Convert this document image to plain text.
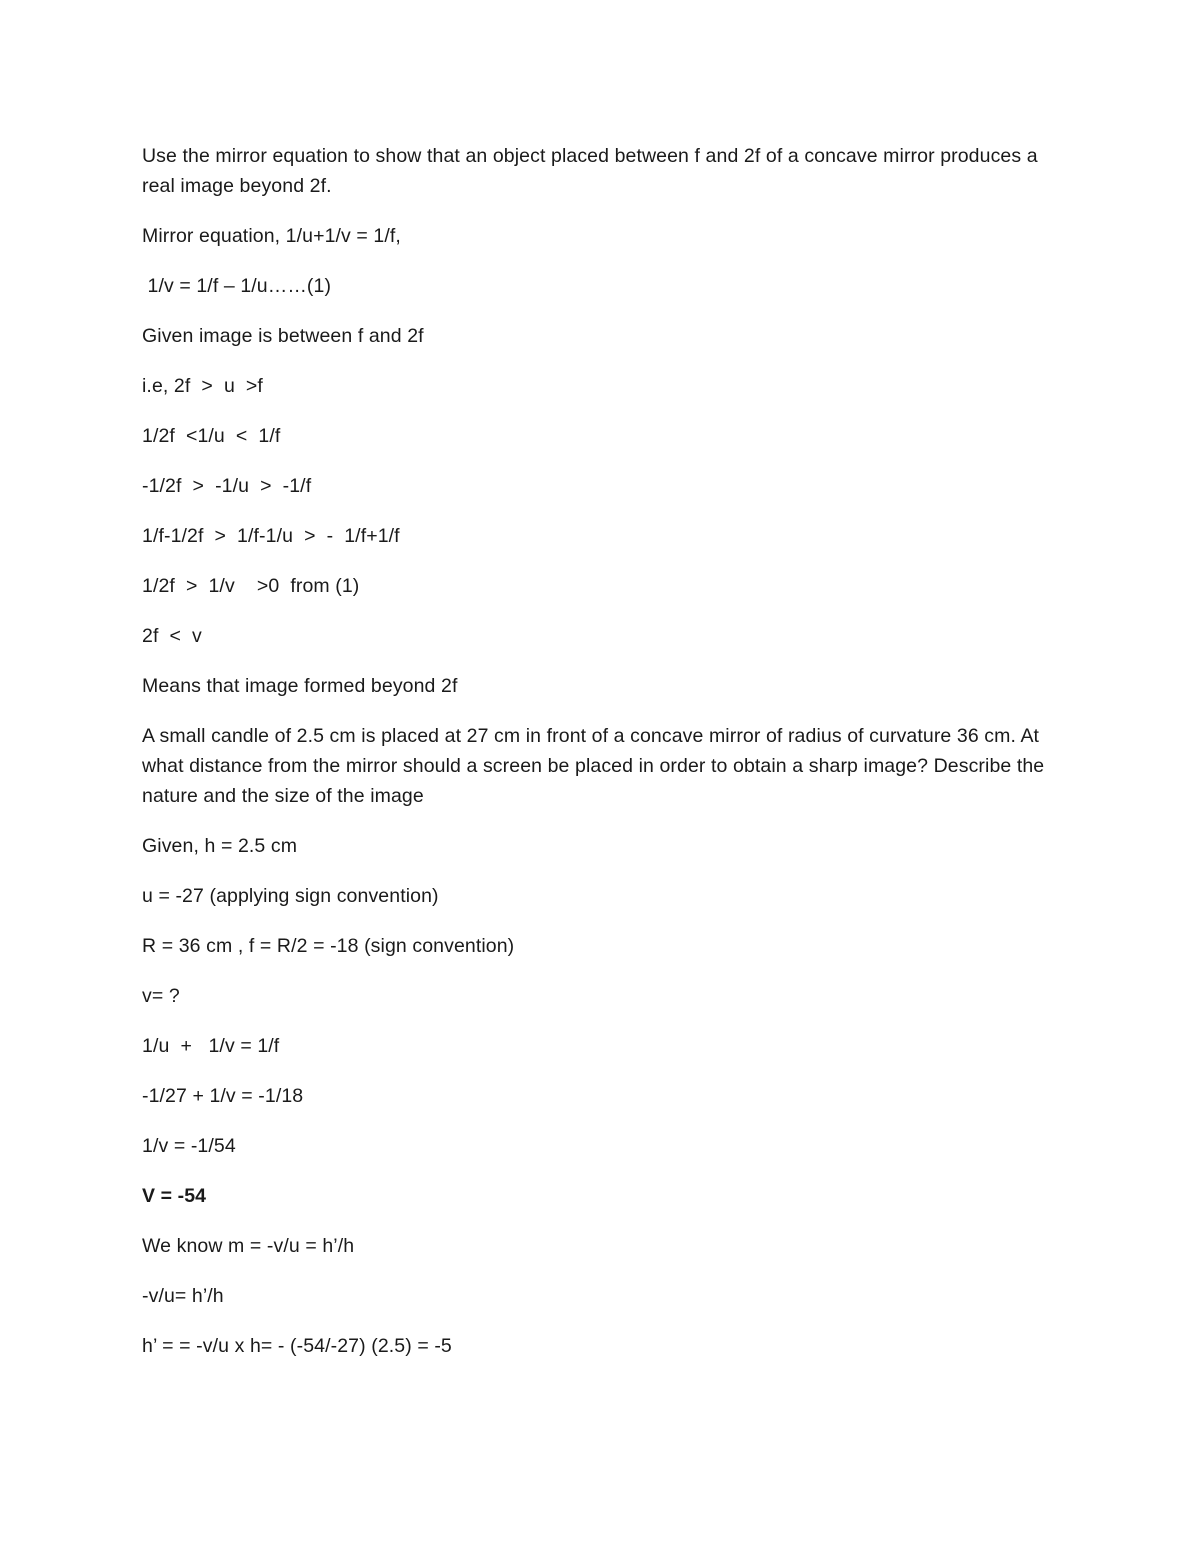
Use the mirror equation to show that an object placed between f and 2f of a concave mirror produces a real image beyond 2f.

Mirror equation, 1/u+1/v = 1/f,

1/v = 1/f – 1/u……(1)

Given image is between f and 2f

i.e, 2f  >  u  >f

1/2f  <1/u  <  1/f

-1/2f  >  -1/u  >  -1/f

1/f-1/2f  >  1/f-1/u  >  -  1/f+1/f

1/2f  >  1/v    >0  from (1)

2f  <  v

Means that image formed beyond 2f

A small candle of 2.5 cm is placed at 27 cm in front of a concave mirror of radius of curvature 36 cm. At what distance from the mirror should a screen be placed in order to obtain a sharp image? Describe the nature and the size of the image

Given, h = 2.5 cm

u = -27 (applying sign convention)

R = 36 cm , f = R/2 = -18 (sign convention)

v= ?

1/u  +   1/v = 1/f

-1/27 + 1/v = -1/18

1/v = -1/54

V = -54

We know m = -v/u = h’/h

-v/u= h’/h

h’ = = -v/u x h= - (-54/-27) (2.5) = -5
